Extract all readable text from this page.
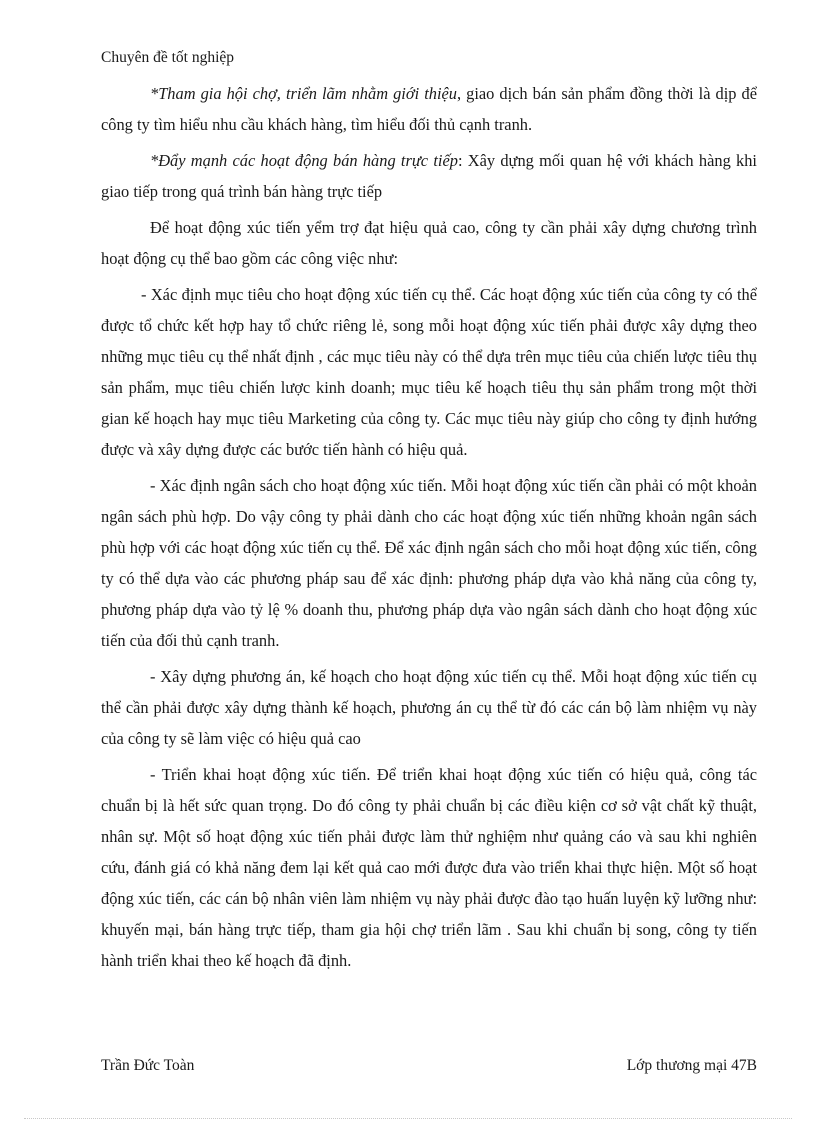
Chuyên đề tốt nghiệp

*Tham gia hội chợ, triển lãm nhằm giới thiệu, giao dịch bán sản phẩm đồng thời là dịp để công ty tìm hiểu nhu cầu khách hàng, tìm hiểu đối thủ cạnh tranh.

*Đẩy mạnh các hoạt động bán hàng trực tiếp: Xây dựng mối quan hệ với khách hàng khi giao tiếp trong quá trình bán hàng trực tiếp

Để hoạt động xúc tiến yểm trợ đạt hiệu quả cao, công ty cần phải xây dựng chương trình hoạt động cụ thể bao gồm các công việc như:

- Xác định mục tiêu cho hoạt động xúc tiến cụ thể. Các hoạt động xúc tiến của công ty có thể được tổ chức kết hợp hay tổ chức riêng lẻ, song mỗi hoạt động xúc tiến phải được xây dựng theo những mục tiêu cụ thể nhất định , các mục tiêu này có thể dựa trên mục tiêu của chiến lược tiêu thụ sản phẩm, mục tiêu chiến lược kinh doanh; mục tiêu kế hoạch tiêu thụ sản phẩm trong một thời gian kế hoạch hay mục tiêu Marketing của công ty. Các mục tiêu này giúp cho công ty định hướng được và xây dựng được các bước tiến hành có hiệu quả.

- Xác định ngân sách cho hoạt động xúc tiến. Mỗi hoạt động xúc tiến cần phải có một khoản ngân sách phù hợp. Do vậy công ty phải dành cho các hoạt động xúc tiến những khoản ngân sách phù hợp với các hoạt động xúc tiến cụ thể. Để xác định ngân sách cho mỗi hoạt động xúc tiến, công ty có thể dựa vào các phương pháp sau để xác định: phương pháp dựa vào khả năng của công ty, phương pháp dựa vào tỷ lệ % doanh thu, phương pháp dựa vào ngân sách dành cho hoạt động xúc tiến của đối thủ cạnh tranh.

- Xây dựng phương án, kế hoạch cho hoạt động xúc tiến cụ thể. Mỗi hoạt động xúc tiến cụ thể cần phải được xây dựng thành kế hoạch, phương án cụ thể từ đó các cán bộ làm nhiệm vụ này của công ty sẽ làm việc có hiệu quả cao

- Triển khai hoạt động xúc tiến. Để triển khai hoạt động xúc tiến có hiệu quả, công tác chuẩn bị là hết sức quan trọng. Do đó công ty phải chuẩn bị các điều kiện cơ sở vật chất kỹ thuật, nhân sự. Một số hoạt động xúc tiến phải được làm thử nghiệm như quảng cáo và sau khi nghiên cứu, đánh giá có khả năng đem lại kết quả cao mới được đưa vào triển khai thực hiện. Một số hoạt động xúc tiến, các cán bộ nhân viên làm nhiệm vụ này phải được đào tạo huấn luyện kỹ lưỡng như: khuyến mại, bán hàng trực tiếp, tham gia hội chợ triển lãm . Sau khi chuẩn bị song, công ty tiến hành triển khai theo kế hoạch đã định.

Trần Đức Toàn	Lớp thương mại 47B
